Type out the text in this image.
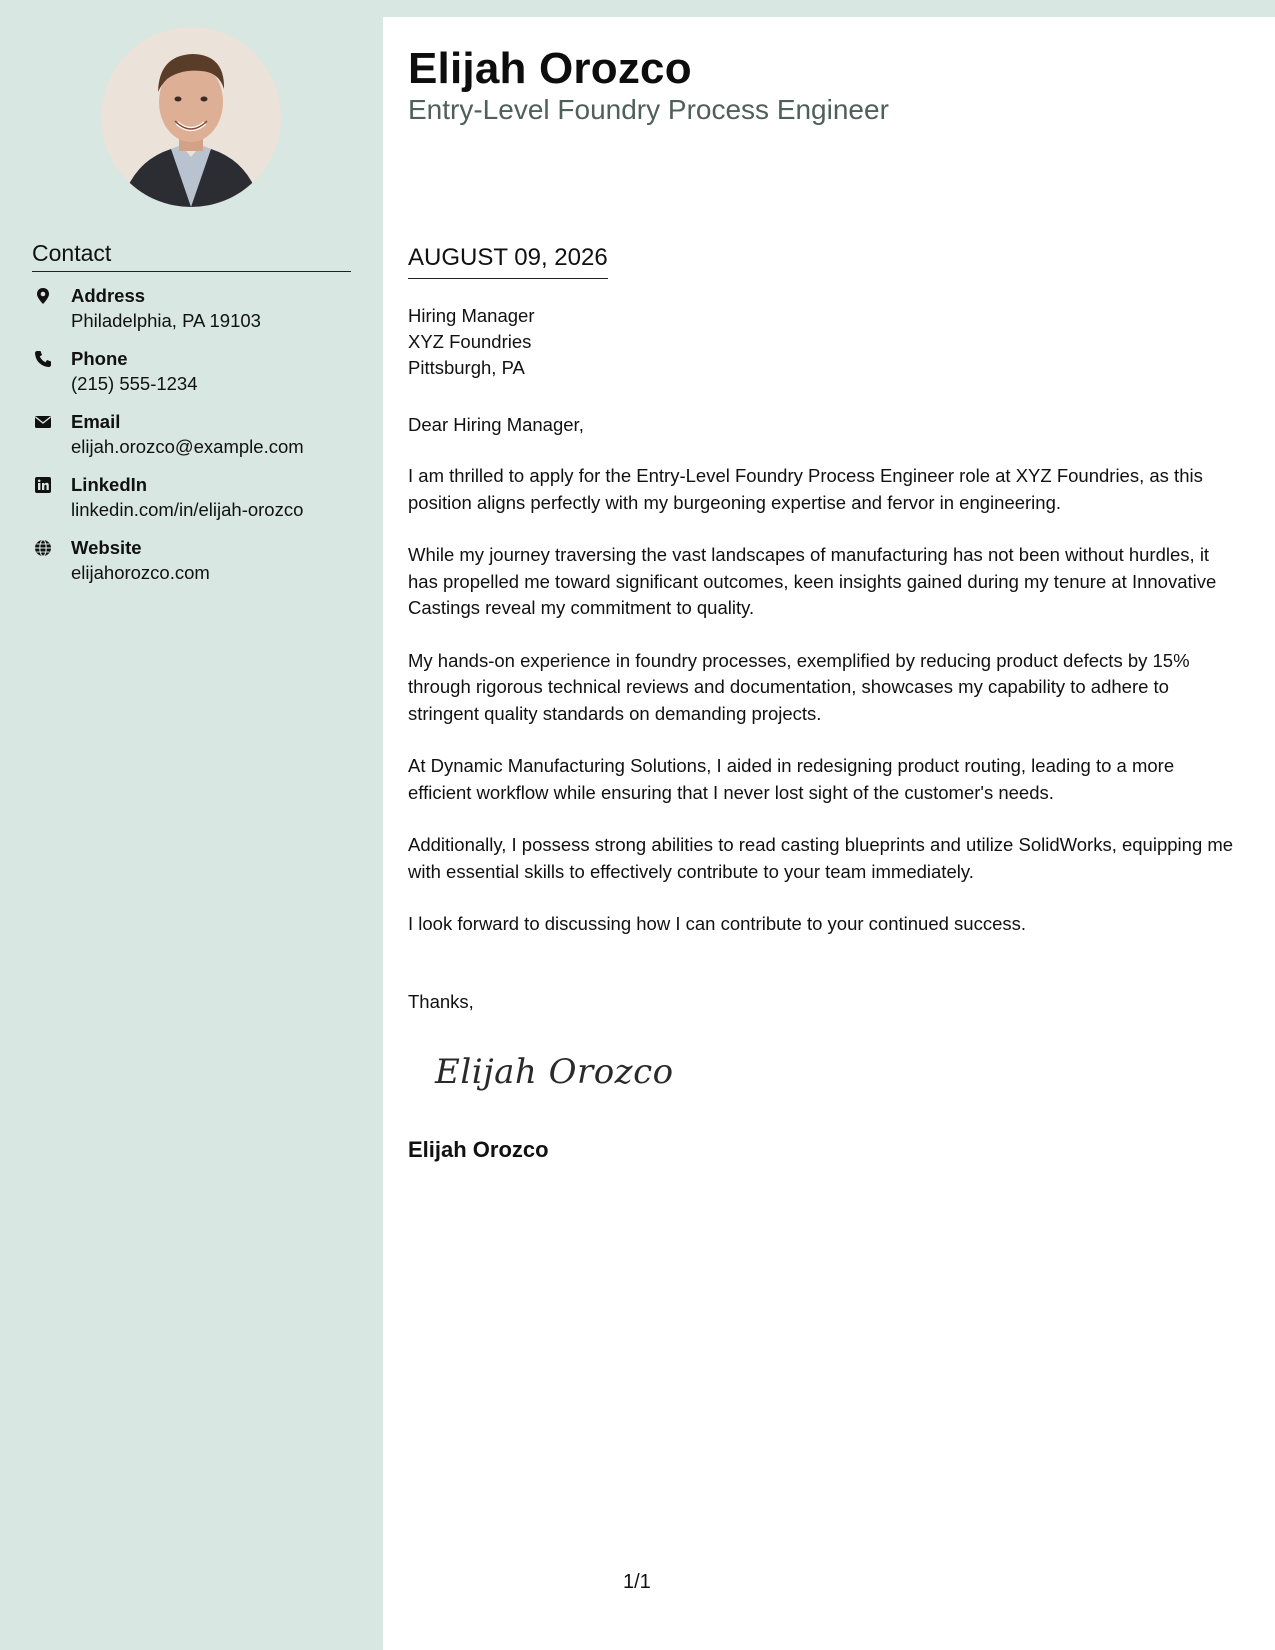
Contact
Address
Philadelphia, PA 19103
Phone
(215) 555-1234
Email
elijah.orozco@example.com
LinkedIn
linkedin.com/in/elijah-orozco
Website
elijahorozco.com
Elijah Orozco
Entry-Level Foundry Process Engineer
AUGUST 09, 2026
Hiring Manager
XYZ Foundries
Pittsburgh, PA
Dear Hiring Manager,

I am thrilled to apply for the Entry-Level Foundry Process Engineer role at XYZ Foundries, as this position aligns perfectly with my burgeoning expertise and fervor in engineering.

While my journey traversing the vast landscapes of manufacturing has not been without hurdles, it has propelled me toward significant outcomes, keen insights gained during my tenure at Innovative Castings reveal my commitment to quality.

My hands-on experience in foundry processes, exemplified by reducing product defects by 15% through rigorous technical reviews and documentation, showcases my capability to adhere to stringent quality standards on demanding projects.

At Dynamic Manufacturing Solutions, I aided in redesigning product routing, leading to a more efficient workflow while ensuring that I never lost sight of the customer's needs.

Additionally, I possess strong abilities to read casting blueprints and utilize SolidWorks, equipping me with essential skills to effectively contribute to your team immediately.

I look forward to discussing how I can contribute to your continued success.

Thanks,
Elijah Orozco
Elijah Orozco
1/1
